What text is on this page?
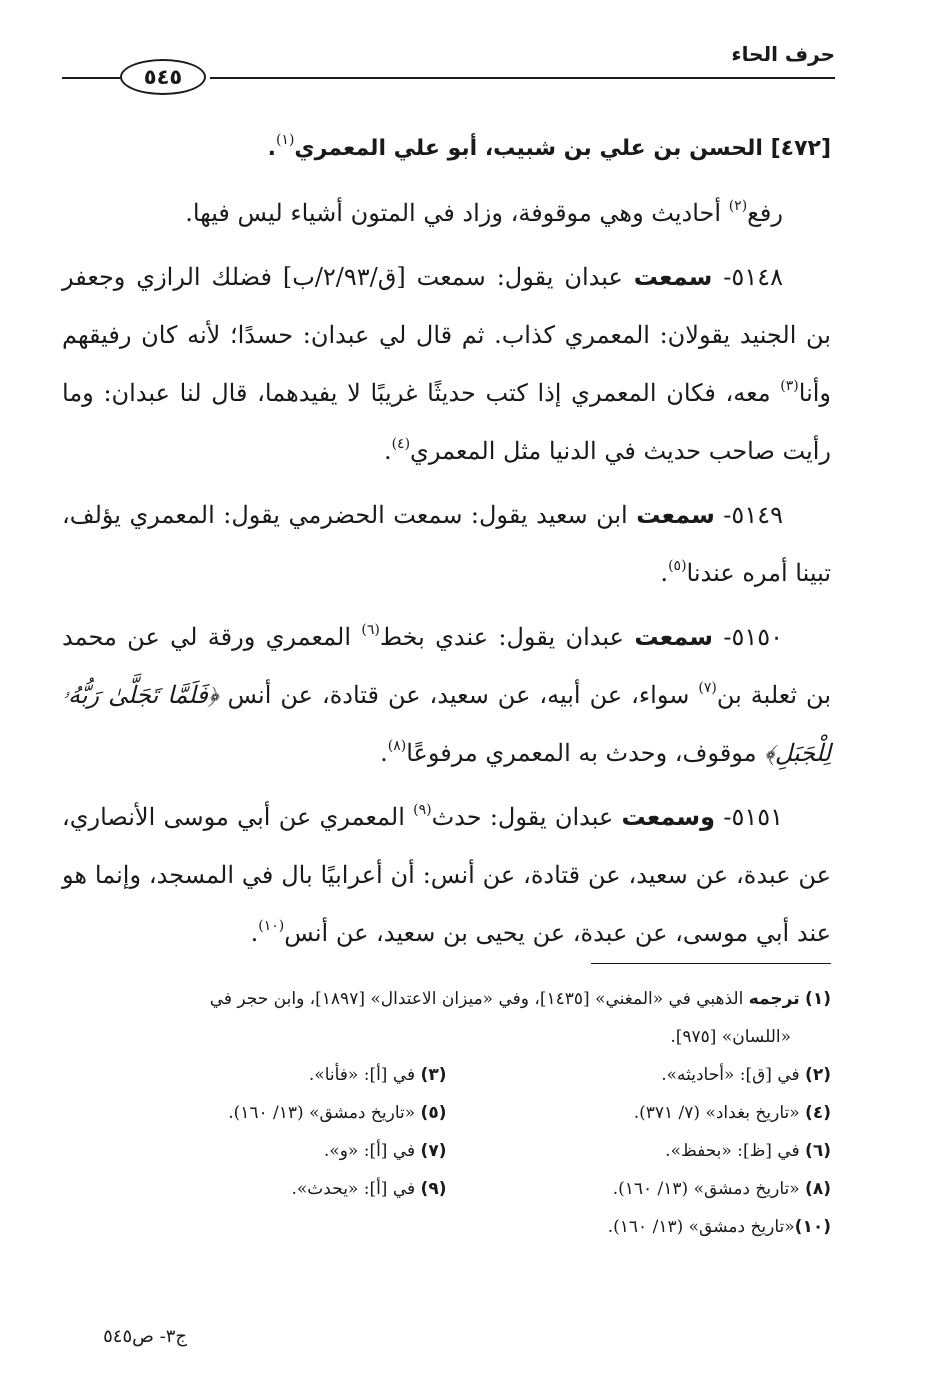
حرف الحاء
٥٤٥

[٤٧٢] الحسن بن علي بن شبيب، أبو علي المعمري$^{(١)}$.

رفع$^{(٢)}$ أحاديث وهي موقوفة، وزاد في المتون أشياء ليس فيها.

٥١٤٨- سمعت عبدان يقول: سمعت [ق/٢/٩٣/ب] فضلك الرازي وجعفر بن الجنيد يقولان: المعمري كذاب. ثم قال لي عبدان: حسدًا؛ لأنه كان رفيقهم وأنا$^{(٣)}$ معه، فكان المعمري إذا كتب حديثًا غريبًا لا يفيدهما، قال لنا عبدان: وما رأيت صاحب حديث في الدنيا مثل المعمري$^{(٤)}$.

٥١٤٩- سمعت ابن سعيد يقول: سمعت الحضرمي يقول: المعمري يؤلف، تبينا أمره عندنا$^{(٥)}$.

٥١٥٠- سمعت عبدان يقول: عندي بخط$^{(٦)}$ المعمري ورقة لي عن محمد بن ثعلبة بن$^{(٧)}$ سواء، عن أبيه، عن سعيد، عن قتادة، عن أنس ﴿فَلَمَّا تَجَلَّىٰ رَبُّهُۥ لِلْجَبَلِ﴾ موقوف، وحدث به المعمري مرفوعًا$^{(٨)}$.

٥١٥١- وسمعت عبدان يقول: حدث$^{(٩)}$ المعمري عن أبي موسى الأنصاري، عن عبدة، عن سعيد، عن قتادة، عن أنس: أن أعرابيًا بال في المسجد، وإنما هو عند أبي موسى، عن عبدة، عن يحيى بن سعيد، عن أنس$^{(١٠)}$.

(١) ترجمه الذهبي في «المغني» [١٤٣٥]، وفي «ميزان الاعتدال» [١٨٩٧]، وابن حجر في

«اللسان» [٩٧٥].

(٢) في [ق]: «أحاديثه».
(٣) في [أ]: «فأنا».
(٤) «تاريخ بغداد» (٧/ ٣٧١).
(٥) «تاريخ دمشق» (١٣/ ١٦٠).
(٦) في [ظ]: «بحفظ».
(٧) في [أ]: «و».
(٨) «تاريخ دمشق» (١٣/ ١٦٠).
(٩) في [أ]: «يحدث».
(١٠)«تاريخ دمشق» (١٣/ ١٦٠).
ج٣- ص٥٤٥
